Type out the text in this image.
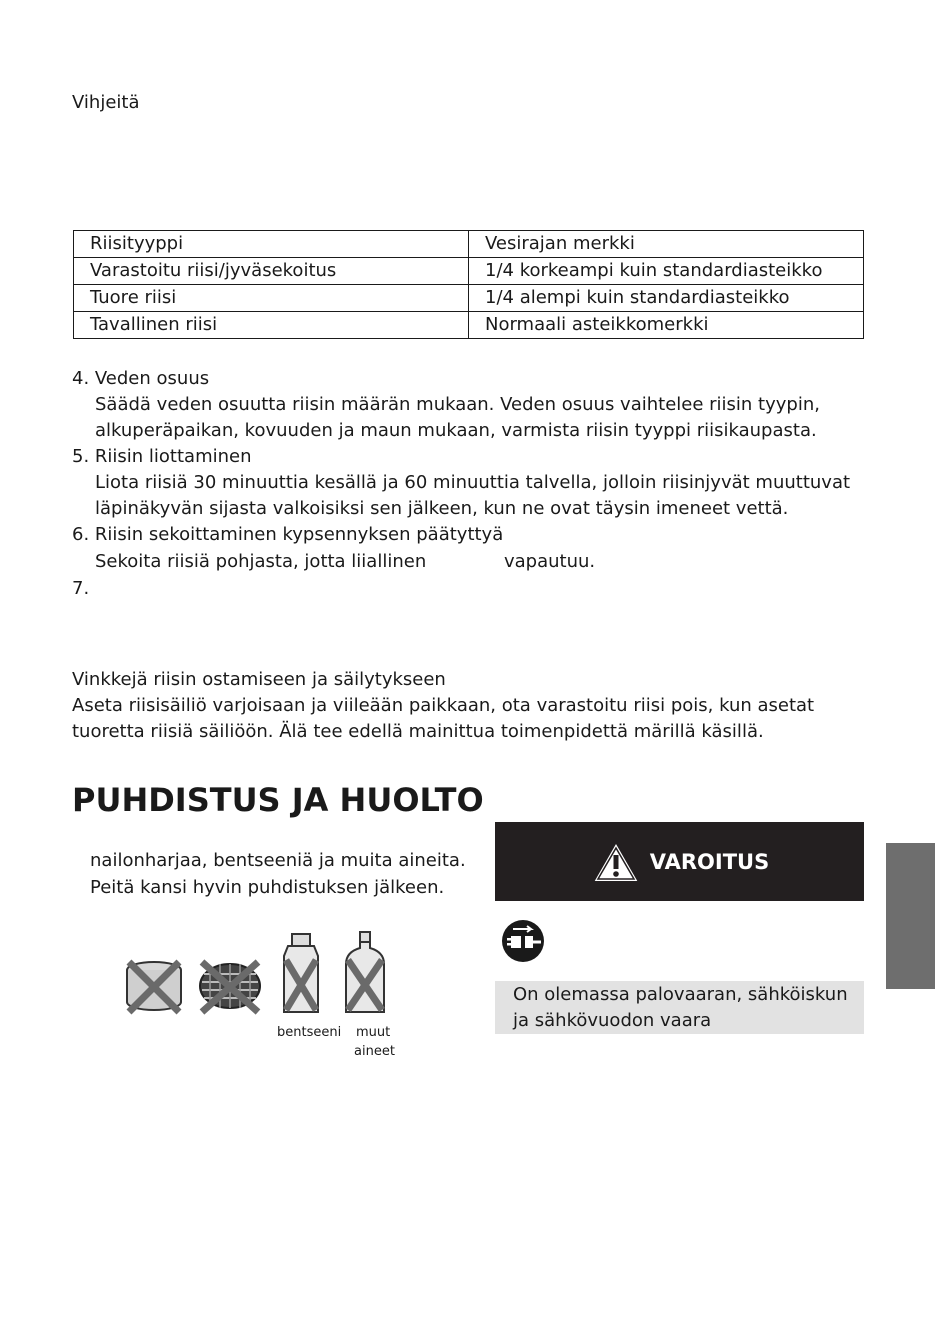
Vihjeitä
Riisityyppi	Vesirajan merkki
Varastoitu riisi/jyväsekoitus	1/4 korkeampi kuin standardiasteikko
Tuore riisi	1/4 alempi kuin standardiasteikko
Tavallinen riisi	Normaali asteikkomerkki
4. Veden osuus
Säädä veden osuutta riisin määrän mukaan. Veden osuus vaihtelee riisin tyypin,
alkuperäpaikan, kovuuden ja maun mukaan, varmista riisin tyyppi riisikaupasta.
5. Riisin liottaminen
Liota riisiä 30 minuuttia kesällä ja 60 minuuttia talvella, jolloin riisinjyvät muuttuvat
läpinäkyvän sijasta valkoisiksi sen jälkeen, kun ne ovat täysin imeneet vettä.
6. Riisin sekoittaminen kypsennyksen päätyttyä
Sekoita riisiä pohjasta, jotta liiallinen	vapautuu.
7.
Vinkkejä riisin ostamiseen ja säilytykseen
Aseta riisisäiliö varjoisaan ja viileään paikkaan, ota varastoitu riisi pois, kun asetat
tuoretta riisiä säiliöön. Älä tee edellä mainittua toimenpidettä märillä käsillä.
PUHDISTUS JA HUOLTO
nailonharjaa, bentseeniä ja muita aineita.
Peitä kansi hyvin puhdistuksen jälkeen.
bentseeni muut
aineet
VAROITUS
On olemassa palovaaran, sähköiskun
ja sähkövuodon vaara
